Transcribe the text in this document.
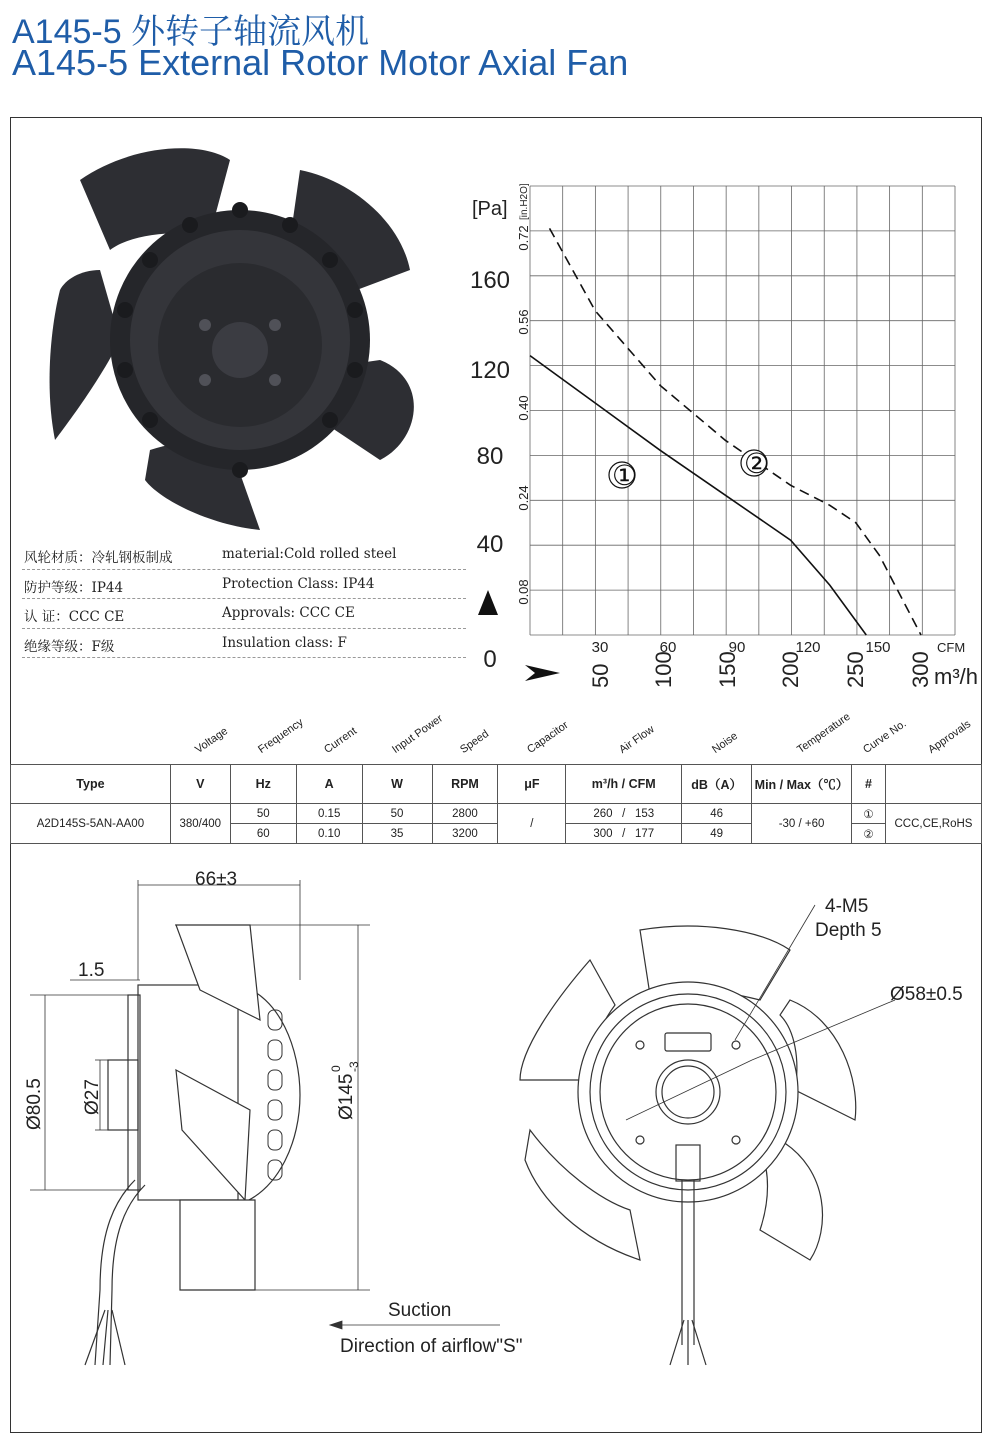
A145-5 外转子轴流风机
A145-5 External Rotor Motor Axial Fan
风轮材质：冷轧钢板制成	material:Cold rolled steel
防护等级：IP44	Protection Class: IP44
认 证：CCC CE	Approvals: CCC CE
绝缘等级：F级	Insulation class: F
160
120
80
40
0
0.72
0.56
0.40
0.24
0.08
[Pa] [in.H2O]
30	60	90	120	150	CFM
50 100 150 200 250 300 m³/h
①	②

	Voltage	Frequency	Current	Input Power	Speed	Capacitor	Air Flow	Noise	Temperature	Curve No.	Approvals

Type	V	Hz	A	W	RPM	μF	m³/h / CFM	dB（A）	Min / Max（℃）	#	
A2D145S-5AN-AA00	380/400	50	0.15	50	2800	/	260 / 153	46	-30 / +60	①	CCC,CE,RoHS
		60	0.10	35	3200		300 / 177	49		②	
66±3
1.5
Ø80.5 Ø27	Ø145
0 -3
Suction
Direction of airflow"S"
4-M5
Depth 5
Ø58±0.5
